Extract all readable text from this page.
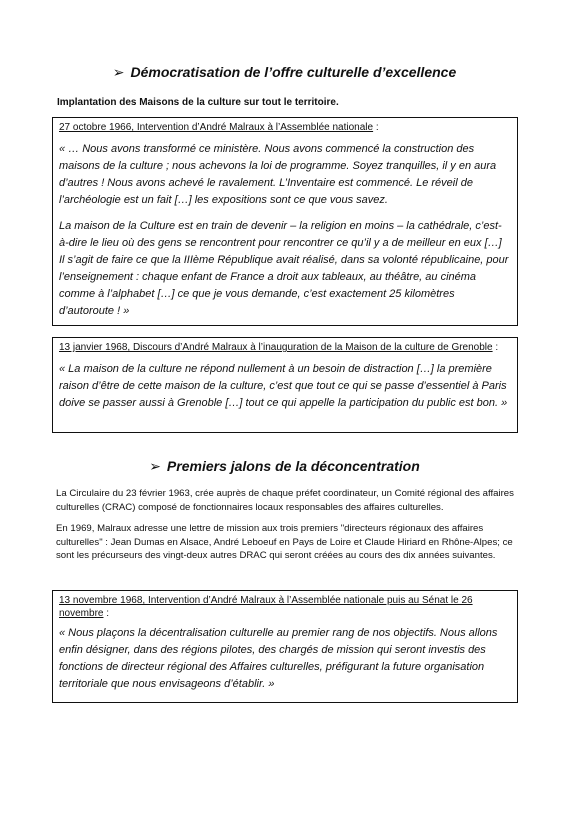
➢ Démocratisation de l’offre culturelle d’excellence
Implantation des Maisons de la culture sur tout le territoire.
27 octobre 1966, Intervention d’André Malraux à l’Assemblée nationale :

« … Nous avons transformé ce ministère. Nous avons commencé la construction des maisons de la culture ; nous achevons la loi de programme. Soyez tranquilles, il y en aura d’autres ! Nous avons achevé le ravalement. L’Inventaire est commencé. Le réveil de l’archéologie est un fait […] les expositions sont ce que vous savez.

La maison de la Culture est en train de devenir – la religion en moins – la cathédrale, c’est-à-dire le lieu où des gens se rencontrent pour rencontrer ce qu’il y a de meilleur en eux […] Il s’agit de faire ce que la IIIème République avait réalisé, dans sa volonté républicaine, pour l’enseignement : chaque enfant de France a droit aux tableaux, au théâtre, au cinéma comme à l’alphabet […] ce que je vous demande, c’est exactement 25 kilomètres d’autoroute ! »

13 janvier 1968, Discours d’André Malraux à l’inauguration de la Maison de la culture de Grenoble :

« La maison de la culture ne répond nullement à un besoin de distraction […] la première raison d’être de cette maison de la culture, c’est que tout ce qui se passe d’essentiel à Paris doive se passer aussi à Grenoble […] tout ce qui appelle la participation du public est bon. »

➢ Premiers jalons de la déconcentration

La Circulaire du 23 février 1963, crée auprès de chaque préfet coordinateur, un Comité régional des affaires culturelles (CRAC) composé de fonctionnaires locaux responsables des affaires culturelles.

En 1969, Malraux adresse une lettre de mission aux trois premiers "directeurs régionaux des affaires culturelles" : Jean Dumas en Alsace, André Leboeuf en Pays de Loire et Claude Hiriard en Rhône-Alpes; ce sont les précurseurs des vingt-deux autres DRAC qui seront créées au cours des dix années suivantes.

13 novembre 1968, Intervention d’André Malraux à l’Assemblée nationale puis au Sénat le 26 novembre :

« Nous plaçons la décentralisation culturelle au premier rang de nos objectifs. Nous allons enfin désigner, dans des régions pilotes, des chargés de mission qui seront investis des fonctions de directeur régional des Affaires culturelles, préfigurant la future organisation territoriale que nous envisageons d’établir. »
